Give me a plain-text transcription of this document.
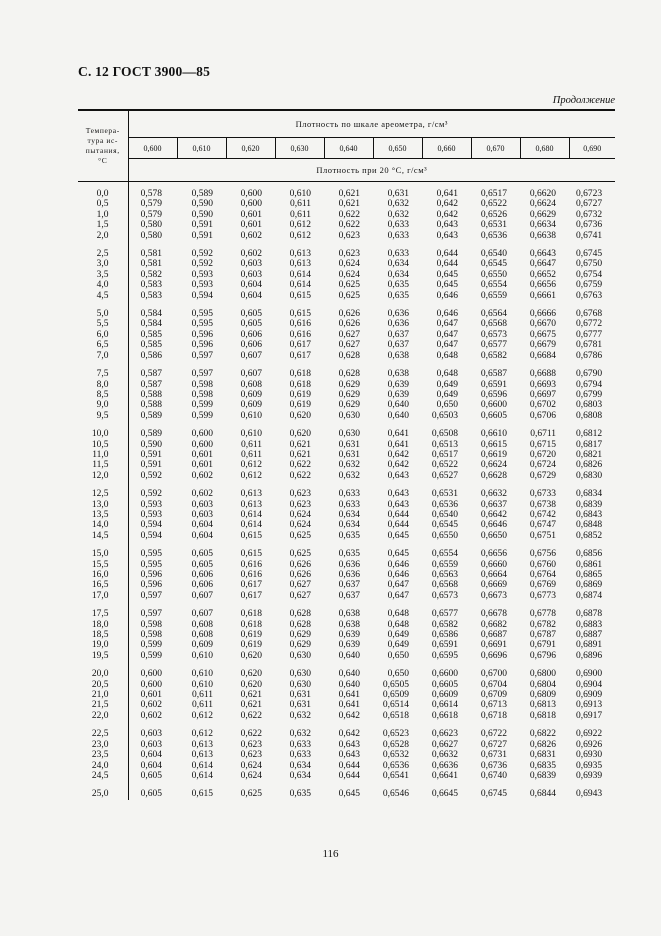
С. 12 ГОСТ 3900—85
Продолжение
Темпера-
тура ис-
пытания,
°С	Плотность по шкале ареометра, г/см³									
	0,600	0,610	0,620	0,630	0,640	0,650	0,660	0,670	0,680	0,690
	Плотность при 20 °С, г/см³									

0,0	0,578	0,589	0,600	0,610	0,621	0,631	0,641	0,6517	0,6620	0,6723
0,5	0,579	0,590	0,600	0,611	0,621	0,632	0,642	0,6522	0,6624	0,6727
1,0	0,579	0,590	0,601	0,611	0,622	0,632	0,642	0,6526	0,6629	0,6732
1,5	0,580	0,591	0,601	0,612	0,622	0,633	0,643	0,6531	0,6634	0,6736
2,0	0,580	0,591	0,602	0,612	0,623	0,633	0,643	0,6536	0,6638	0,6741

2,5	0,581	0,592	0,602	0,613	0,623	0,633	0,644	0,6540	0,6643	0,6745
3,0	0,581	0,592	0,603	0,613	0,624	0,634	0,644	0,6545	0,6647	0,6750
3,5	0,582	0,593	0,603	0,614	0,624	0,634	0,645	0,6550	0,6652	0,6754
4,0	0,583	0,593	0,604	0,614	0,625	0,635	0,645	0,6554	0,6656	0,6759
4,5	0,583	0,594	0,604	0,615	0,625	0,635	0,646	0,6559	0,6661	0,6763

5,0	0,584	0,595	0,605	0,615	0,626	0,636	0,646	0,6564	0,6666	0,6768
5,5	0,584	0,595	0,605	0,616	0,626	0,636	0,647	0,6568	0,6670	0,6772
6,0	0,585	0,596	0,606	0,616	0,627	0,637	0,647	0,6573	0,6675	0,6777
6,5	0,585	0,596	0,606	0,617	0,627	0,637	0,647	0,6577	0,6679	0,6781
7,0	0,586	0,597	0,607	0,617	0,628	0,638	0,648	0,6582	0,6684	0,6786

7,5	0,587	0,597	0,607	0,618	0,628	0,638	0,648	0,6587	0,6688	0,6790
8,0	0,587	0,598	0,608	0,618	0,629	0,639	0,649	0,6591	0,6693	0,6794
8,5	0,588	0,598	0,609	0,619	0,629	0,639	0,649	0,6596	0,6697	0,6799
9,0	0,588	0,599	0,609	0,619	0,629	0,640	0,650	0,6600	0,6702	0,6803
9,5	0,589	0,599	0,610	0,620	0,630	0,640	0,6503	0,6605	0,6706	0,6808

10,0	0,589	0,600	0,610	0,620	0,630	0,641	0,6508	0,6610	0,6711	0,6812
10,5	0,590	0,600	0,611	0,621	0,631	0,641	0,6513	0,6615	0,6715	0,6817
11,0	0,591	0,601	0,611	0,621	0,631	0,642	0,6517	0,6619	0,6720	0,6821
11,5	0,591	0,601	0,612	0,622	0,632	0,642	0,6522	0,6624	0,6724	0,6826
12,0	0,592	0,602	0,612	0,622	0,632	0,643	0,6527	0,6628	0,6729	0,6830

12,5	0,592	0,602	0,613	0,623	0,633	0,643	0,6531	0,6632	0,6733	0,6834
13,0	0,593	0,603	0,613	0,623	0,633	0,643	0,6536	0,6637	0,6738	0,6839
13,5	0,593	0,603	0,614	0,624	0,634	0,644	0,6540	0,6642	0,6742	0,6843
14,0	0,594	0,604	0,614	0,624	0,634	0,644	0,6545	0,6646	0,6747	0,6848
14,5	0,594	0,604	0,615	0,625	0,635	0,645	0,6550	0,6650	0,6751	0,6852

15,0	0,595	0,605	0,615	0,625	0,635	0,645	0,6554	0,6656	0,6756	0,6856
15,5	0,595	0,605	0,616	0,626	0,636	0,646	0,6559	0,6660	0,6760	0,6861
16,0	0,596	0,606	0,616	0,626	0,636	0,646	0,6563	0,6664	0,6764	0,6865
16,5	0,596	0,606	0,617	0,627	0,637	0,647	0,6568	0,6669	0,6769	0,6869
17,0	0,597	0,607	0,617	0,627	0,637	0,647	0,6573	0,6673	0,6773	0,6874

17,5	0,597	0,607	0,618	0,628	0,638	0,648	0,6577	0,6678	0,6778	0,6878
18,0	0,598	0,608	0,618	0,628	0,638	0,648	0,6582	0,6682	0,6782	0,6883
18,5	0,598	0,608	0,619	0,629	0,639	0,649	0,6586	0,6687	0,6787	0,6887
19,0	0,599	0,609	0,619	0,629	0,639	0,649	0,6591	0,6691	0,6791	0,6891
19,5	0,599	0,610	0,620	0,630	0,640	0,650	0,6595	0,6696	0,6796	0,6896

20,0	0,600	0,610	0,620	0,630	0,640	0,650	0,6600	0,6700	0,6800	0,6900
20,5	0,600	0,610	0,620	0,630	0,640	0,6505	0,6605	0,6704	0,6804	0,6904
21,0	0,601	0,611	0,621	0,631	0,641	0,6509	0,6609	0,6709	0,6809	0,6909
21,5	0,602	0,611	0,621	0,631	0,641	0,6514	0,6614	0,6713	0,6813	0,6913
22,0	0,602	0,612	0,622	0,632	0,642	0,6518	0,6618	0,6718	0,6818	0,6917

22,5	0,603	0,612	0,622	0,632	0,642	0,6523	0,6623	0,6722	0,6822	0,6922
23,0	0,603	0,613	0,623	0,633	0,643	0,6528	0,6627	0,6727	0,6826	0,6926
23,5	0,604	0,613	0,623	0,633	0,643	0,6532	0,6632	0,6731	0,6831	0,6930
24,0	0,604	0,614	0,624	0,634	0,644	0,6536	0,6636	0,6736	0,6835	0,6935
24,5	0,605	0,614	0,624	0,634	0,644	0,6541	0,6641	0,6740	0,6839	0,6939

25,0	0,605	0,615	0,625	0,635	0,645	0,6546	0,6645	0,6745	0,6844	0,6943
116
